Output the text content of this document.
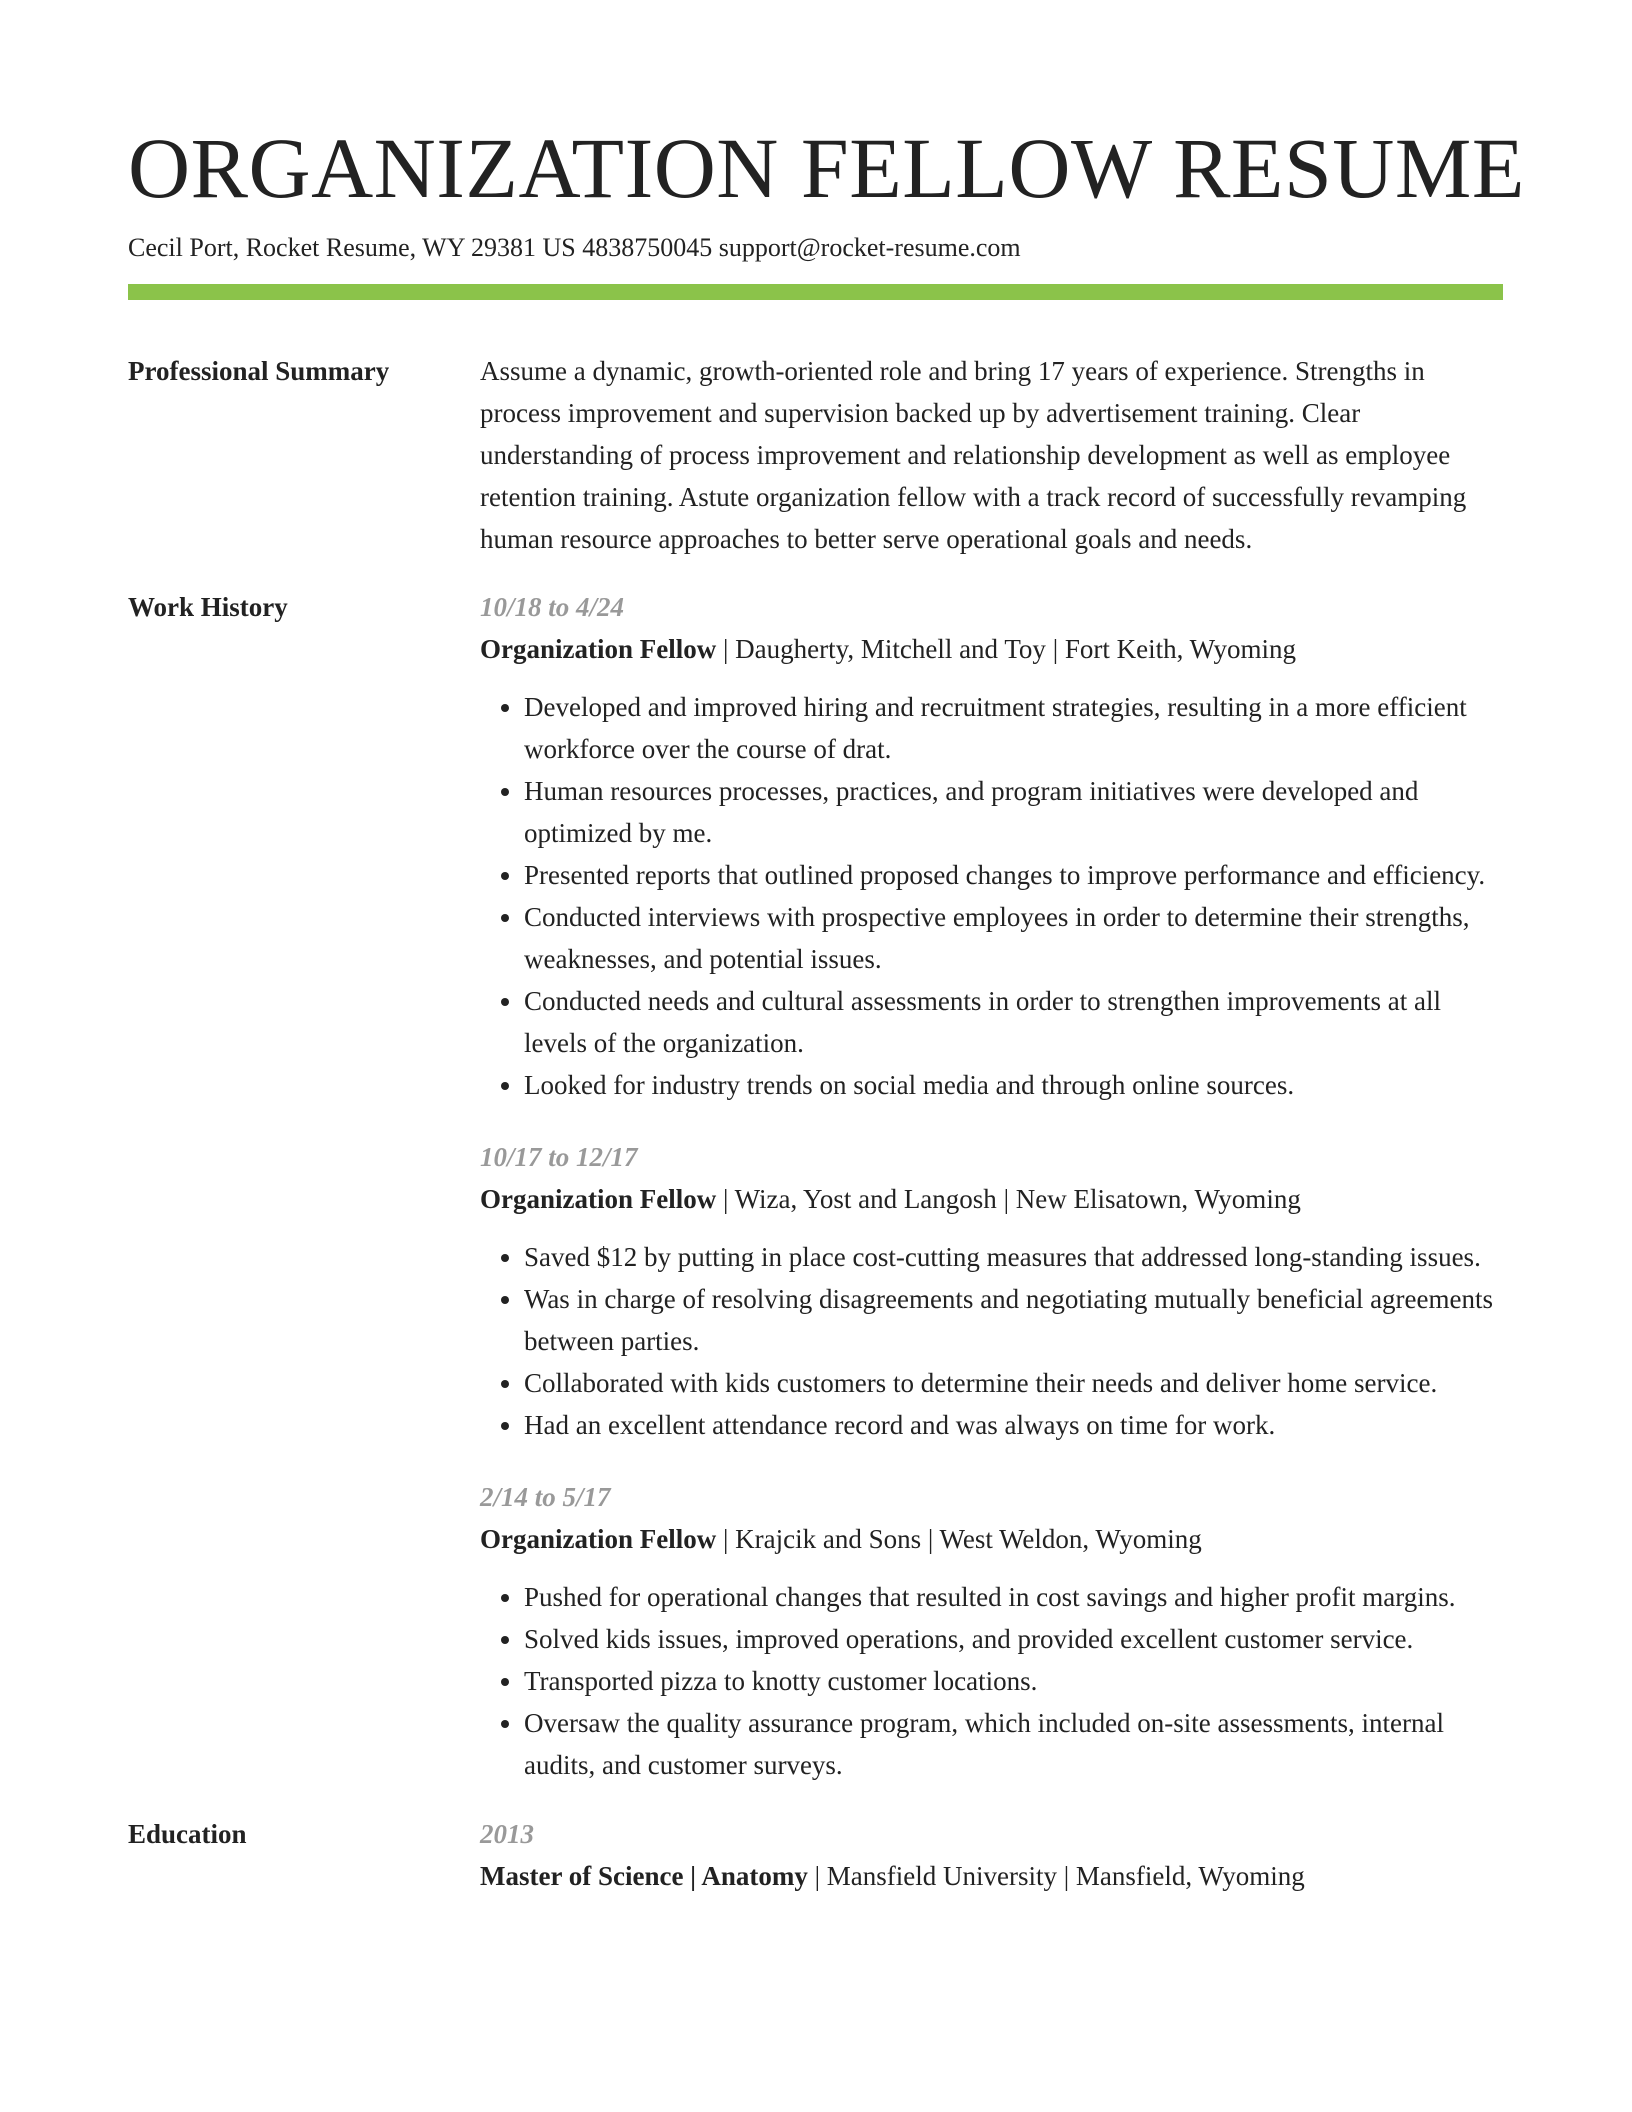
ORGANIZATION FELLOW RESUME
Cecil Port, Rocket Resume, WY 29381 US 4838750045 support@rocket-resume.com
Professional Summary	Assume a dynamic, growth-oriented role and bring 17 years of experience. Strengths in process improvement and supervision backed up by advertisement training. Clear understanding of process improvement and relationship development as well as employee retention training. Astute organization fellow with a track record of successfully revamping human resource approaches to better serve operational goals and needs.

Work History	10/18 to 4/24
Organization Fellow | Daugherty, Mitchell and Toy | Fort Keith, Wyoming
• Developed and improved hiring and recruitment strategies, resulting in a more efficient workforce over the course of drat.
• Human resources processes, practices, and program initiatives were developed and optimized by me.
• Presented reports that outlined proposed changes to improve performance and efficiency.
• Conducted interviews with prospective employees in order to determine their strengths, weaknesses, and potential issues.
• Conducted needs and cultural assessments in order to strengthen improvements at all levels of the organization.
• Looked for industry trends on social media and through online sources.
10/17 to 12/17
Organization Fellow | Wiza, Yost and Langosh | New Elisatown, Wyoming
• Saved $12 by putting in place cost-cutting measures that addressed long-standing issues.
• Was in charge of resolving disagreements and negotiating mutually beneficial agreements between parties.
• Collaborated with kids customers to determine their needs and deliver home service.
• Had an excellent attendance record and was always on time for work.
2/14 to 5/17
Organization Fellow | Krajcik and Sons | West Weldon, Wyoming
• Pushed for operational changes that resulted in cost savings and higher profit margins.
• Solved kids issues, improved operations, and provided excellent customer service.
• Transported pizza to knotty customer locations.
• Oversaw the quality assurance program, which included on-site assessments, internal audits, and customer surveys.
Education	2013
Master of Science | Anatomy | Mansfield University | Mansfield, Wyoming
